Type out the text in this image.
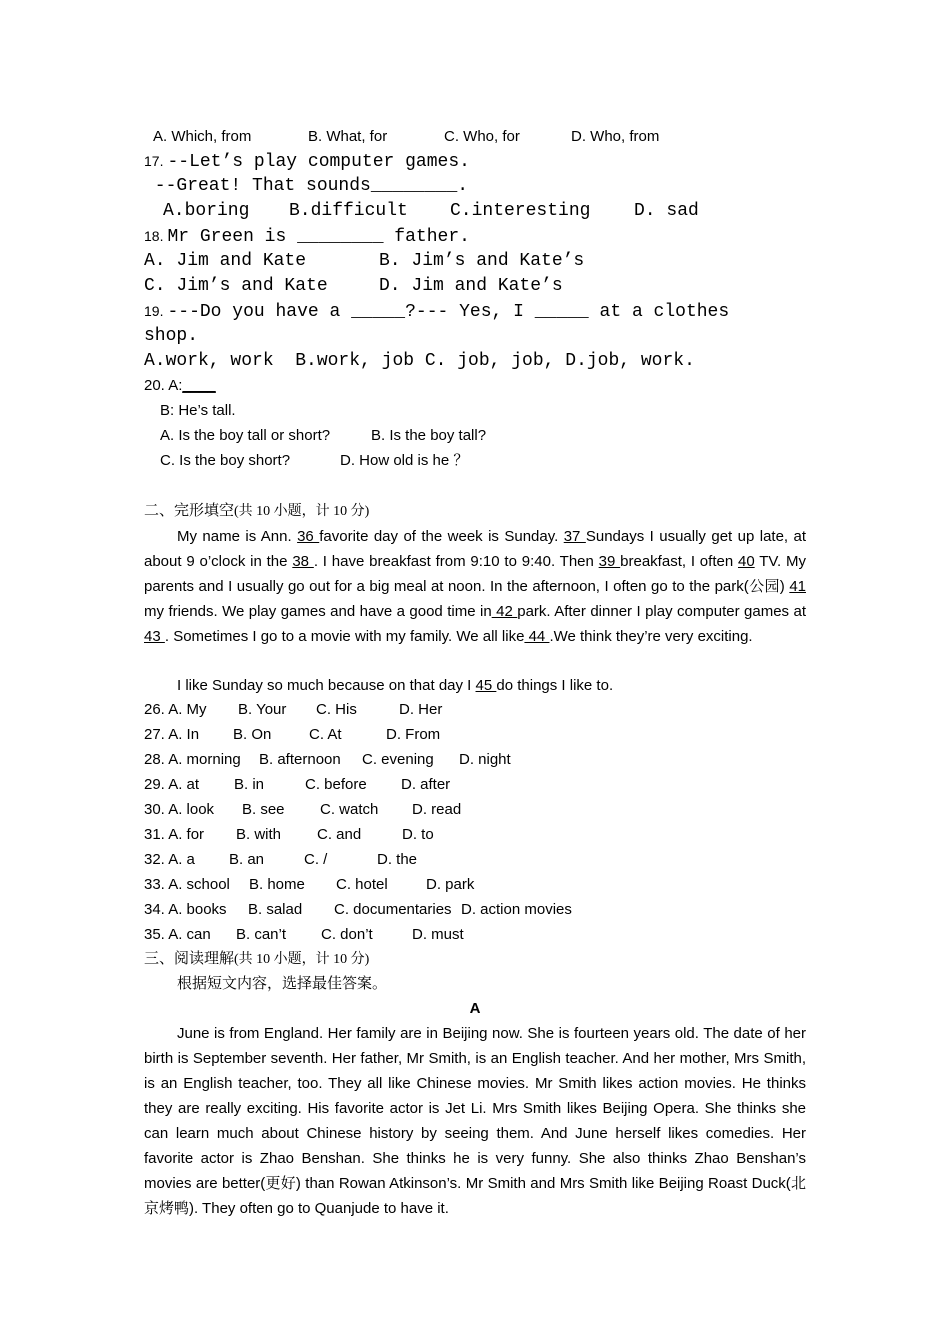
A. Which, from	B. What, for	C. Who, for	D. Who, from
17. --Let’s play computer games.
--Great! That sounds________.
A.boring B.difficult C.interesting D. sad
18. Mr Green is ________ father.
A. Jim and Kate	B. Jim’s and Kate’s
C. Jim’s and Kate	D. Jim and Kate’s
19. ---Do you have a _____?--- Yes, I _____ at a clothes
shop.
A.work, work  B.work, job C. job, job, D.job, work.
20. A:____
B: He’s tall.
A. Is the boy tall or short?	B. Is the boy tall?
C. Is the boy short?	D. How old is he ？
二、完形填空(共 10 小题，计 10 分)
My name is Ann. 36 favorite day of the week is Sunday. 37 Sundays I usually get up late, at about 9 o’clock in the 38 . I have breakfast from 9:10 to 9:40. Then 39 breakfast, I often 40 TV. My parents and I usually go out for a big meal at noon. In the afternoon, I often go to the park(公园) 41 my friends. We play games and have a good time in 42 park. After dinner I play computer games at 43 . Sometimes I go to a movie with my family. We all like 44 .We think they’re very exciting.
I like Sunday so much because on that day I 45 do things I like to.
26. A. My B. Your C. His	D. Her
27. A. In B. On	C. At	D. From
28. A. morning B. afternoon C. evening D. night
29. A. at B. in	C. before D. after
30. A. look B. see C. watch D. read
31. A. for B. with C. and	D. to
32. A. a B. an	C. /	D. the
33. A. school B. home C. hotel	D. park
34. A. books B. salad C. documentaries D. action movies
35. A. can B. can’t C. don’t	D. must
三、阅读理解(共 10 小题，计 10 分)
根据短文内容，选择最佳答案。
A
June is from England. Her family are in Beijing now. She is fourteen years old. The date of her birth is September seventh. Her father, Mr Smith, is an English teacher. And her mother, Mrs Smith, is an English teacher, too. They all like Chinese movies. Mr Smith likes action movies. He thinks they are really exciting. His favorite actor is Jet Li. Mrs Smith likes Beijing Opera. She thinks she can learn much about Chinese history by seeing them. And June herself likes comedies. Her favorite actor is Zhao Benshan. She thinks he is very funny. She also thinks Zhao Benshan’s movies are better(更好) than Rowan Atkinson’s. Mr Smith and Mrs Smith like Beijing Roast Duck(北京烤鸭). They often go to Quanjude to have it.
